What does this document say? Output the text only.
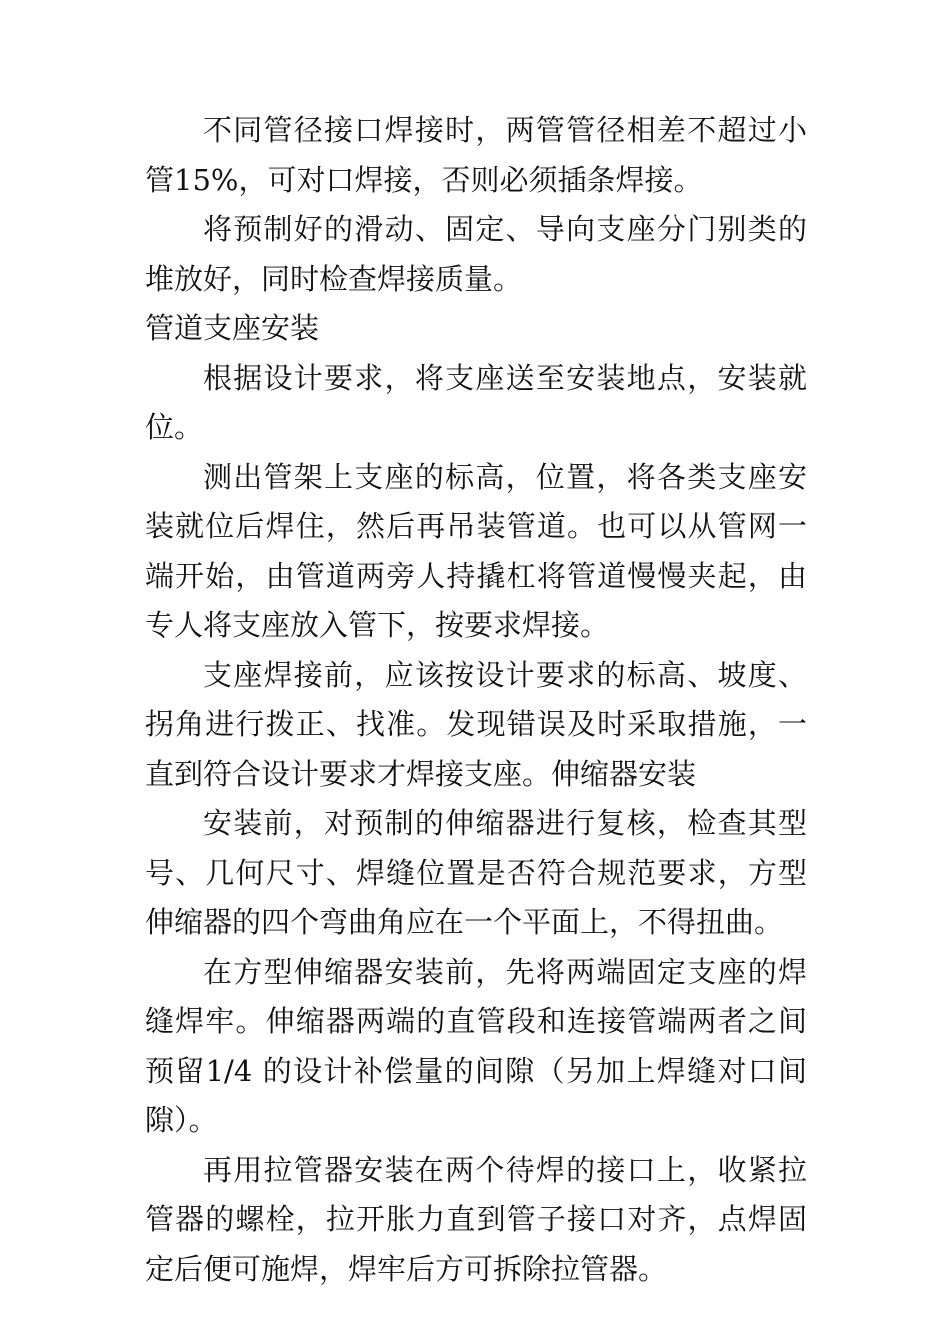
不同管径接口焊接时，两管管径相差不超过小管15%，可对口焊接，否则必须插条焊接。

将预制好的滑动、固定、导向支座分门别类的堆放好，同时检查焊接质量。

管道支座安装

根据设计要求，将支座送至安装地点，安装就位。

测出管架上支座的标高，位置，将各类支座安装就位后焊住，然后再吊装管道。也可以从管网一端开始，由管道两旁人持撬杠将管道慢慢夹起，由专人将支座放入管下，按要求焊接。

支座焊接前，应该按设计要求的标高、坡度、拐角进行拨正、找准。发现错误及时采取措施，一直到符合设计要求才焊接支座。伸缩器安装

安装前，对预制的伸缩器进行复核，检查其型号、几何尺寸、焊缝位置是否符合规范要求，方型伸缩器的四个弯曲角应在一个平面上，不得扭曲。

在方型伸缩器安装前，先将两端固定支座的焊缝焊牢。伸缩器两端的直管段和连接管端两者之间预留1/4 的设计补偿量的间隙（另加上焊缝对口间隙）。

再用拉管器安装在两个待焊的接口上，收紧拉管器的螺栓，拉开胀力直到管子接口对齐，点焊固定后便可施焊，焊牢后方可拆除拉管器。
